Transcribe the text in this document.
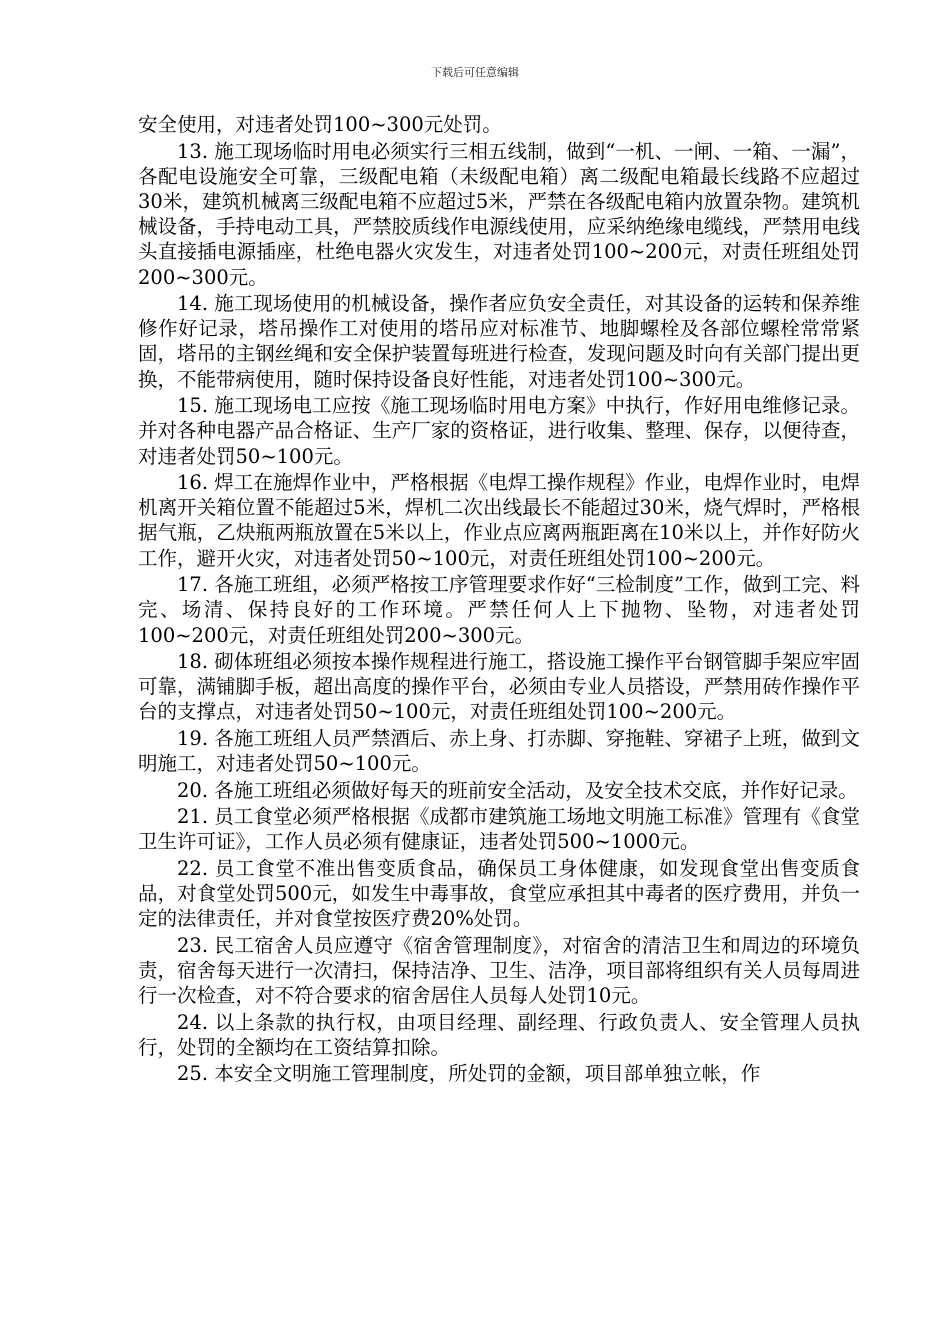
下载后可任意编辑

安全使用，对违者处罚100~300元处罚。

13. 施工现场临时用电必须实行三相五线制，做到“一机、一闸、一箱、一漏”，各配电设施安全可靠，三级配电箱（未级配电箱）离二级配电箱最长线路不应超过30米，建筑机械离三级配电箱不应超过5米，严禁在各级配电箱内放置杂物。建筑机械设备，手持电动工具，严禁胶质线作电源线使用，应采纳绝缘电缆线，严禁用电线头直接插电源插座，杜绝电器火灾发生，对违者处罚100~200元，对责任班组处罚200~300元。

14. 施工现场使用的机械设备，操作者应负安全责任，对其设备的运转和保养维修作好记录，塔吊操作工对使用的塔吊应对标准节、地脚螺栓及各部位螺栓常常紧固，塔吊的主钢丝绳和安全保护装置每班进行检查，发现问题及时向有关部门提出更换，不能带病使用，随时保持设备良好性能，对违者处罚100~300元。

15. 施工现场电工应按《施工现场临时用电方案》中执行，作好用电维修记录。并对各种电器产品合格证、生产厂家的资格证，进行收集、整理、保存，以便待查，对违者处罚50~100元。

16. 焊工在施焊作业中，严格根据《电焊工操作规程》作业，电焊作业时，电焊机离开关箱位置不能超过5米，焊机二次出线最长不能超过30米，烧气焊时，严格根据气瓶，乙炔瓶两瓶放置在5米以上，作业点应离两瓶距离在10米以上，并作好防火工作，避开火灾，对违者处罚50~100元，对责任班组处罚100~200元。

17. 各施工班组，必须严格按工序管理要求作好“三检制度”工作，做到工完、料完、场清、保持良好的工作环境。严禁任何人上下抛物、坠物，对违者处罚100~200元，对责任班组处罚200~300元。

18. 砌体班组必须按本操作规程进行施工，搭设施工操作平台钢管脚手架应牢固可靠，满铺脚手板，超出高度的操作平台，必须由专业人员搭设，严禁用砖作操作平台的支撑点，对违者处罚50~100元，对责任班组处罚100~200元。

19. 各施工班组人员严禁酒后、赤上身、打赤脚、穿拖鞋、穿裙子上班，做到文明施工，对违者处罚50~100元。

20. 各施工班组必须做好每天的班前安全活动，及安全技术交底，并作好记录。

21. 员工食堂必须严格根据《成都市建筑施工场地文明施工标准》管理有《食堂卫生许可证》，工作人员必须有健康证，违者处罚500~1000元。

22. 员工食堂不准出售变质食品，确保员工身体健康，如发现食堂出售变质食品，对食堂处罚500元，如发生中毒事故，食堂应承担其中毒者的医疗费用，并负一定的法律责任，并对食堂按医疗费20%处罚。

23. 民工宿舍人员应遵守《宿舍管理制度》，对宿舍的清洁卫生和周边的环境负责，宿舍每天进行一次清扫，保持洁净、卫生、洁净，项目部将组织有关人员每周进行一次检查，对不符合要求的宿舍居住人员每人处罚10元。

24. 以上条款的执行权，由项目经理、副经理、行政负责人、安全管理人员执行，处罚的全额均在工资结算扣除。

25. 本安全文明施工管理制度，所处罚的金额，项目部单独立帐，作
